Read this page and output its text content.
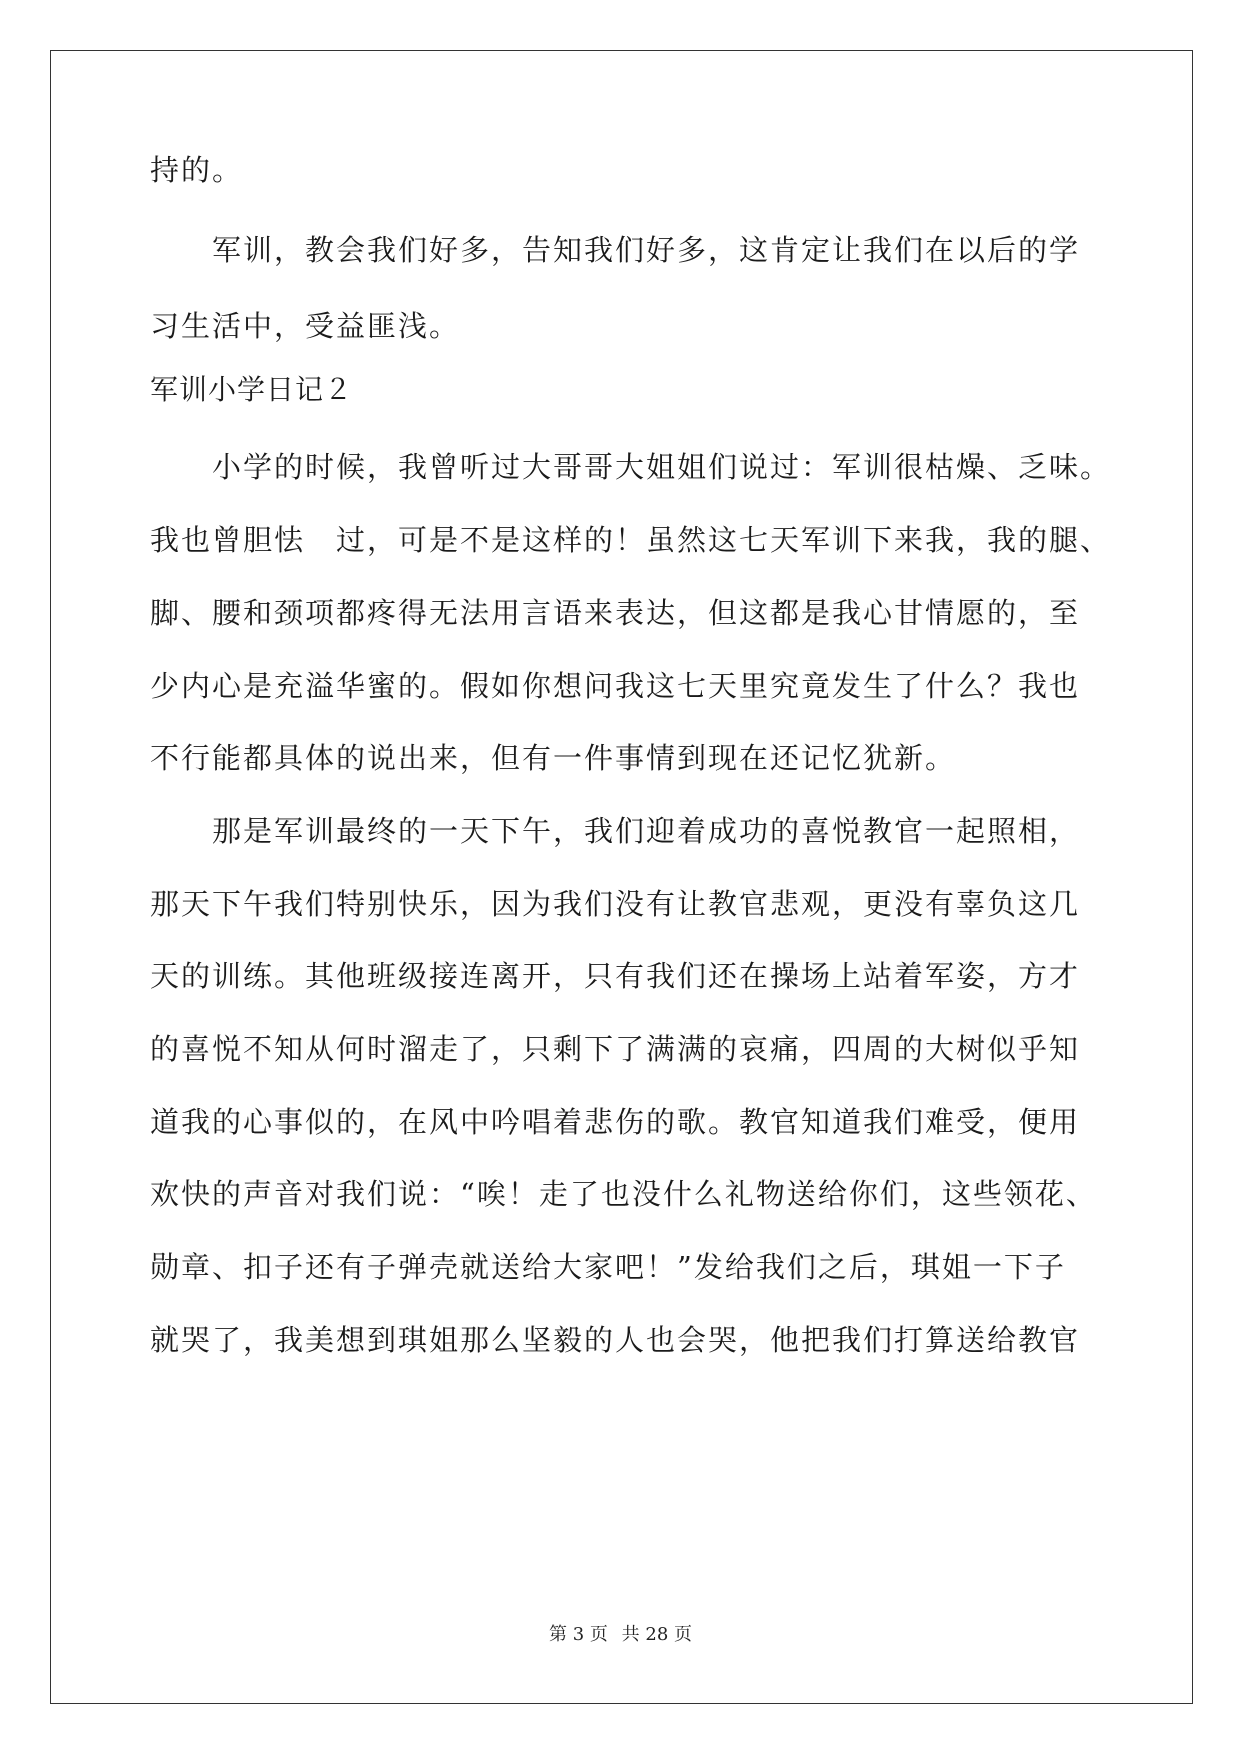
持的。
　　军训，教会我们好多，告知我们好多，这肯定让我们在以后的学
习生活中，受益匪浅。
军训小学日记２
　　小学的时候，我曾听过大哥哥大姐姐们说过：军训很枯燥、乏味。
我也曾胆怯　过，可是不是这样的！虽然这七天军训下来我，我的腿、
脚、腰和颈项都疼得无法用言语来表达，但这都是我心甘情愿的，至
少内心是充溢华蜜的。假如你想问我这七天里究竟发生了什么？我也
不行能都具体的说出来，但有一件事情到现在还记忆犹新。
　　那是军训最终的一天下午，我们迎着成功的喜悦教官一起照相，
那天下午我们特别快乐，因为我们没有让教官悲观，更没有辜负这几
天的训练。其他班级接连离开，只有我们还在操场上站着军姿，方才
的喜悦不知从何时溜走了，只剩下了满满的哀痛，四周的大树似乎知
道我的心事似的，在风中吟唱着悲伤的歌。教官知道我们难受，便用
欢快的声音对我们说：“唉！走了也没什么礼物送给你们，这些领花、
勋章、扣子还有子弹壳就送给大家吧！”发给我们之后，琪姐一下子
就哭了，我美想到琪姐那么坚毅的人也会哭，他把我们打算送给教官
第 3 页 共 28 页
